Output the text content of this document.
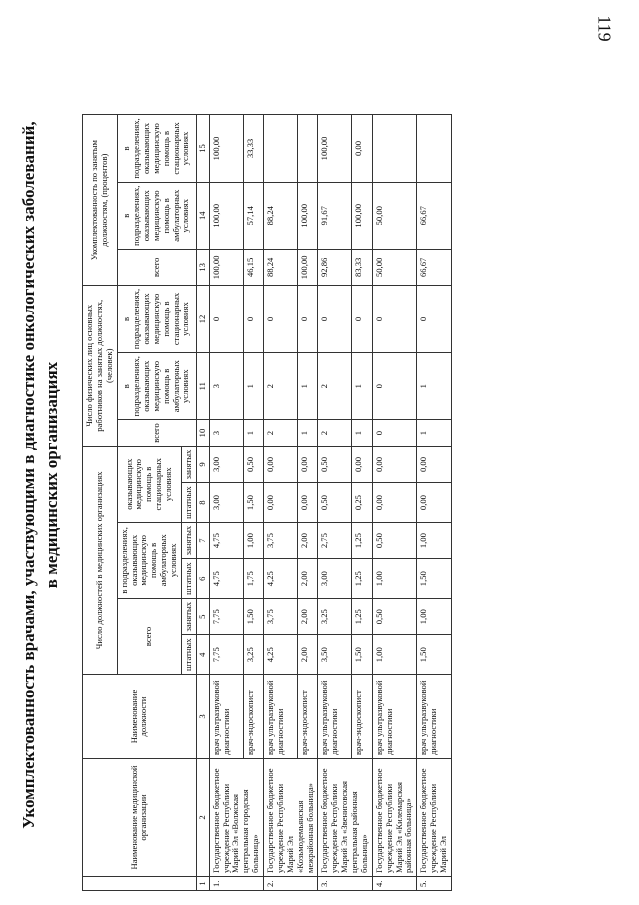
119
Укомплектованность врачами, участвующими в диагностике онкологических заболеваний, в медицинских организациях
	Наименование медицинской организации	Наименование должности	Число должностей в медицинских организациях						Число физических лиц основных работников на занятых должностях, (человек)			Укомплектованность по занятым должностям, (процентов)		
			всего		в подразделениях, оказывающих медицинскую помощь в амбулаторных условиях		оказывающих медицинскую помощь в стационарных условиях		всего	в подразделениях, оказывающих медицинскую помощь в амбулаторных условиях	в подразделениях, оказывающих медицинскую помощь в стационарных условиях	всего	в подразделениях, оказывающих медицинскую помощь в амбулаторных условиях	в подразделениях, оказывающих медицинскую помощь в стационарных условиях

			штатных	занятых	штатных	занятых	штатных	занятых						
1	2	3	4	5	6	7	8	9	10	11	12	13	14	15
1.	Государственное бюджетное учреждение Республики Марий Эл «Волжская центральная городская больница»	врач ультразвуковой диагностики	7,75	7,75	4,75	4,75	3,00	3,00	3	3	0	100,00	100,00	100,00
		врач-эндоскопист	3,25	1,50	1,75	1,00	1,50	0,50	1	1	0	46,15	57,14	33,33
2.	Государственное бюджетное учреждение Республики Марий Эл «Козьмодемьянская межрайонная больница»	врач ультразвуковой диагностики	4,25	3,75	4,25	3,75	0,00	0,00	2	2	0	88,24	88,24	
		врач-эндоскопист	2,00	2,00	2,00	2,00	0,00	0,00	1	1	0	100,00	100,00	
3.	Государственное бюджетное учреждение Республики Марий Эл «Звениговская центральная районная больница»	врач ультразвуковой диагностики	3,50	3,25	3,00	2,75	0,50	0,50	2	2	0	92,86	91,67	100,00
		врач-эндоскопист	1,50	1,25	1,25	1,25	0,25	0,00	1	1	0	83,33	100,00	0,00
4.	Государственное бюджетное учреждение Республики Марий Эл «Килемарская районная больница»	врач ультразвуковой диагностики	1,00	0,50	1,00	0,50	0,00	0,00	0	0	0	50,00	50,00	
5.	Государственное бюджетное учреждение Республики Марий Эл	врач ультразвуковой диагностики	1,50	1,00	1,50	1,00	0,00	0,00	1	1	0	66,67	66,67	
